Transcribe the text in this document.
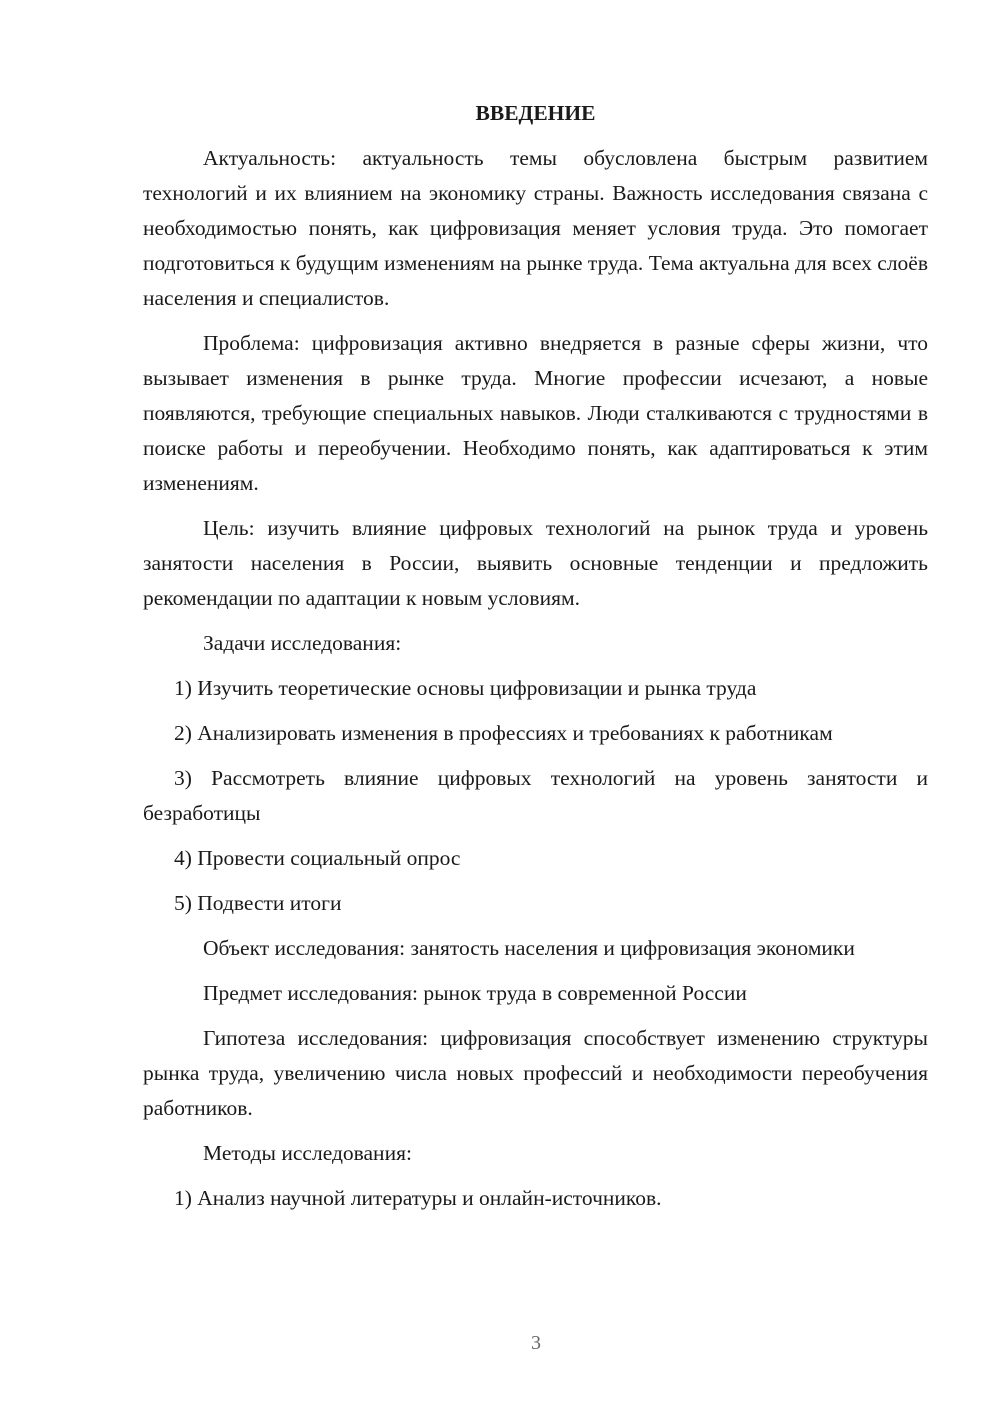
ВВЕДЕНИЕ

Актуальность: актуальность темы обусловлена быстрым развитием технологий и их влиянием на экономику страны. Важность исследования связана с необходимостью понять, как цифровизация меняет условия труда. Это помогает подготовиться к будущим изменениям на рынке труда. Тема актуальна для всех слоёв населения и специалистов.

Проблема: цифровизация активно внедряется в разные сферы жизни, что вызывает изменения в рынке труда. Многие профессии исчезают, а новые появляются, требующие специальных навыков. Люди сталкиваются с трудностями в поиске работы и переобучении. Необходимо понять, как адаптироваться к этим изменениям.

Цель: изучить влияние цифровых технологий на рынок труда и уровень занятости населения в России, выявить основные тенденции и предложить рекомендации по адаптации к новым условиям.

Задачи исследования:

1) Изучить теоретические основы цифровизации и рынка труда

2) Анализировать изменения в профессиях и требованиях к работникам

3) Рассмотреть влияние цифровых технологий на уровень занятости и безработицы

4) Провести социальный опрос

5) Подвести итоги

Объект исследования: занятость населения и цифровизация экономики

Предмет исследования: рынок труда в современной России

Гипотеза исследования: цифровизация способствует изменению структуры рынка труда, увеличению числа новых профессий и необходимости переобучения работников.

Методы исследования:

1) Анализ научной литературы и онлайн-источников.

3
